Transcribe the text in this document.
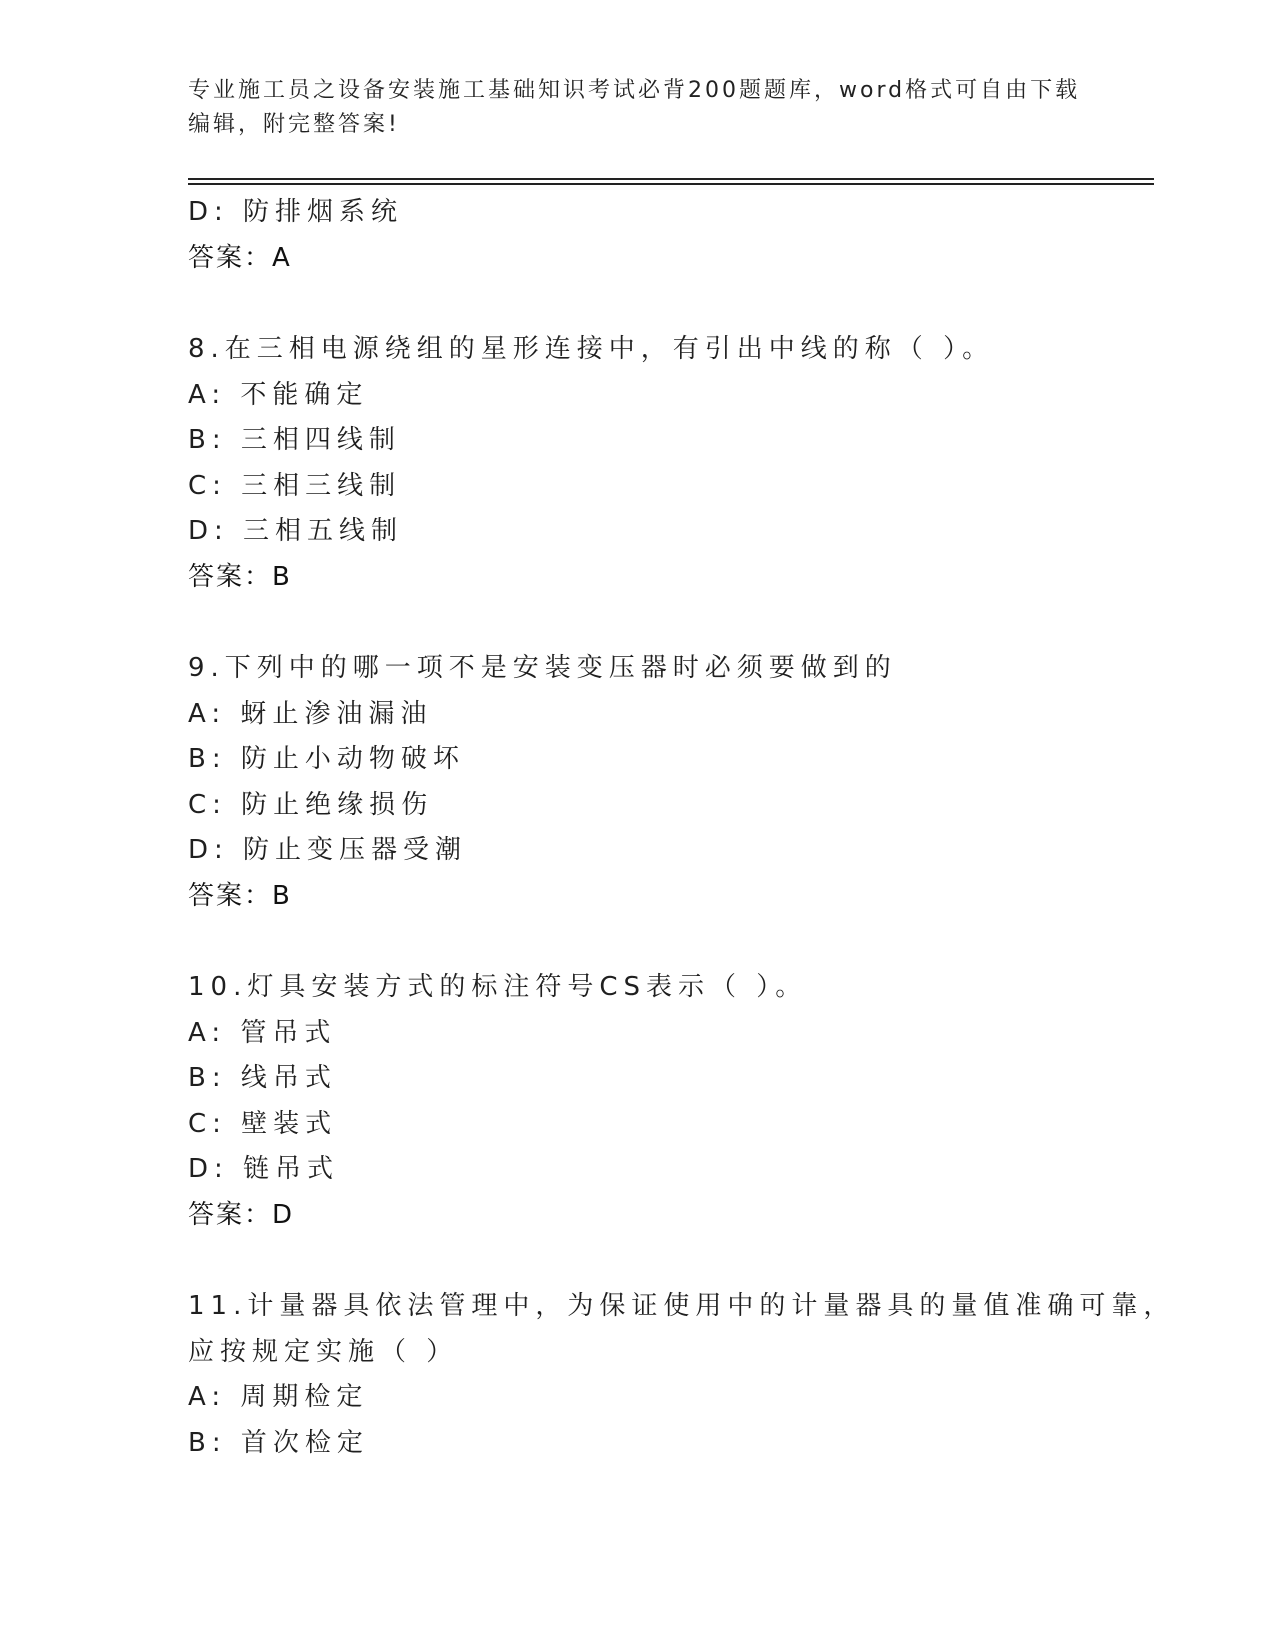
专业施工员之设备安装施工基础知识考试必背200题题库，word格式可自由下载
编辑，附完整答案!
D: 防排烟系统
答案：A
8.在三相电源绕组的星形连接中，有引出中线的称（ ）。
A: 不能确定
B: 三相四线制
C: 三相三线制
D: 三相五线制
答案：B
9.下列中的哪一项不是安装变压器时必须要做到的
A: 蚜止渗油漏油
B: 防止小动物破坏
C: 防止绝缘损伤
D: 防止变压器受潮
答案：B
10.灯具安装方式的标注符号CS表示（ ）。
A: 管吊式
B: 线吊式
C: 壁装式
D: 链吊式
答案：D
11.计量器具依法管理中，为保证使用中的计量器具的量值准确可靠，
应按规定实施（ ）
A: 周期检定
B: 首次检定
